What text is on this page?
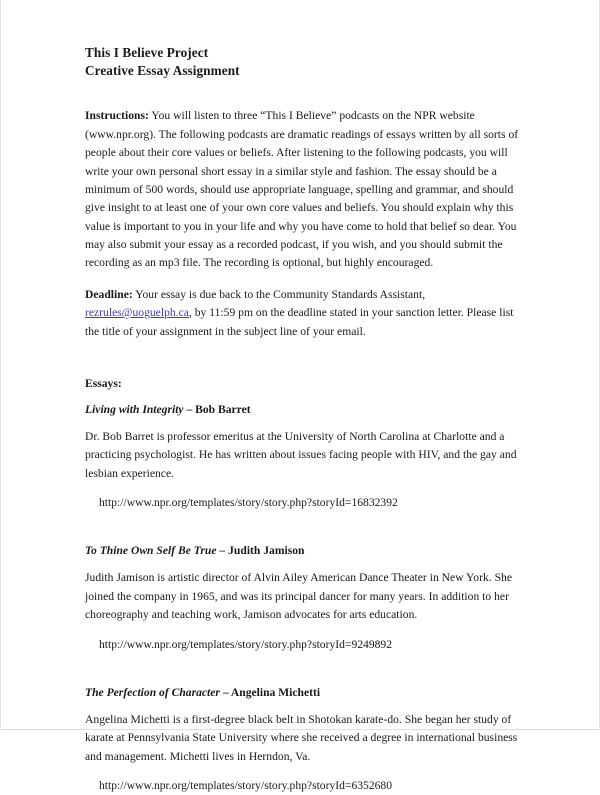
This I Believe Project
Creative Essay Assignment

Instructions: You will listen to three “This I Believe” podcasts on the NPR website (www.npr.org). The following podcasts are dramatic readings of essays written by all sorts of people about their core values or beliefs. After listening to the following podcasts, you will write your own personal short essay in a similar style and fashion. The essay should be a minimum of 500 words, should use appropriate language, spelling and grammar, and should give insight to at least one of your own core values and beliefs. You should explain why this value is important to you in your life and why you have come to hold that belief so dear. You may also submit your essay as a recorded podcast, if you wish, and you should submit the recording as an mp3 file. The recording is optional, but highly encouraged.

Deadline: Your essay is due back to the Community Standards Assistant, rezrules@uoguelph.ca, by 11:59 pm on the deadline stated in your sanction letter. Please list the title of your assignment in the subject line of your email.

Essays:

Living with Integrity – Bob Barret

Dr. Bob Barret is professor emeritus at the University of North Carolina at Charlotte and a practicing psychologist. He has written about issues facing people with HIV, and the gay and lesbian experience.

http://www.npr.org/templates/story/story.php?storyId=16832392

To Thine Own Self Be True – Judith Jamison

Judith Jamison is artistic director of Alvin Ailey American Dance Theater in New York. She joined the company in 1965, and was its principal dancer for many years. In addition to her choreography and teaching work, Jamison advocates for arts education.

http://www.npr.org/templates/story/story.php?storyId=9249892

The Perfection of Character – Angelina Michetti

Angelina Michetti is a first-degree black belt in Shotokan karate-do. She began her study of karate at Pennsylvania State University where she received a degree in international business and management. Michetti lives in Herndon, Va.

http://www.npr.org/templates/story/story.php?storyId=6352680
